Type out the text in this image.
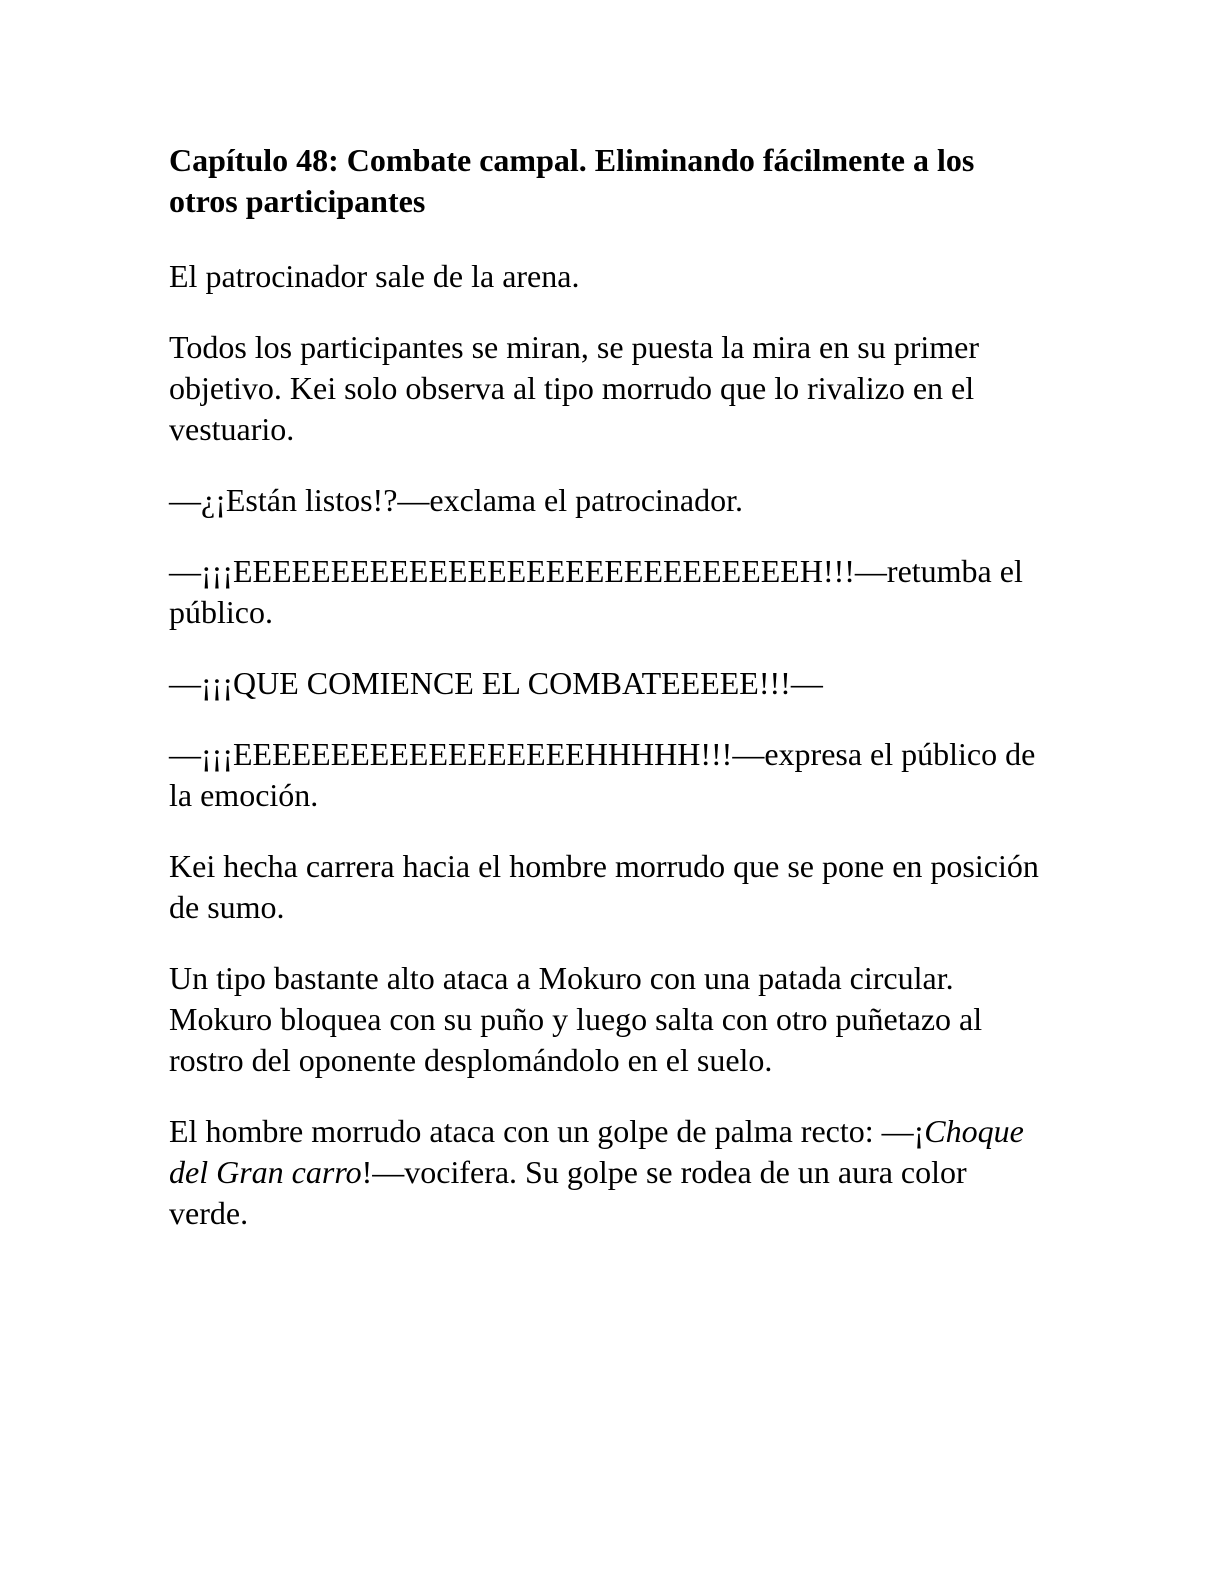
Capítulo 48: Combate campal. Eliminando fácilmente a los otros participantes

El patrocinador sale de la arena.

Todos los participantes se miran, se puesta la mira en su primer objetivo. Kei solo observa al tipo morrudo que lo rivalizo en el vestuario.

—¿¡Están listos!?—exclama el patrocinador.

—¡¡¡EEEEEEEEEEEEEEEEEEEEEEEEEEEEEH!!!—retumba el público.

—¡¡¡QUE COMIENCE EL COMBATEEEEE!!!—

—¡¡¡EEEEEEEEEEEEEEEEEEHHHHH!!!—expresa el público de la emoción.

Kei hecha carrera hacia el hombre morrudo que se pone en posición de sumo.

Un tipo bastante alto ataca a Mokuro con una patada circular. Mokuro bloquea con su puño y luego salta con otro puñetazo al rostro del oponente desplomándolo en el suelo.

El hombre morrudo ataca con un golpe de palma recto: —¡Choque del Gran carro!—vocifera. Su golpe se rodea de un aura color verde.
